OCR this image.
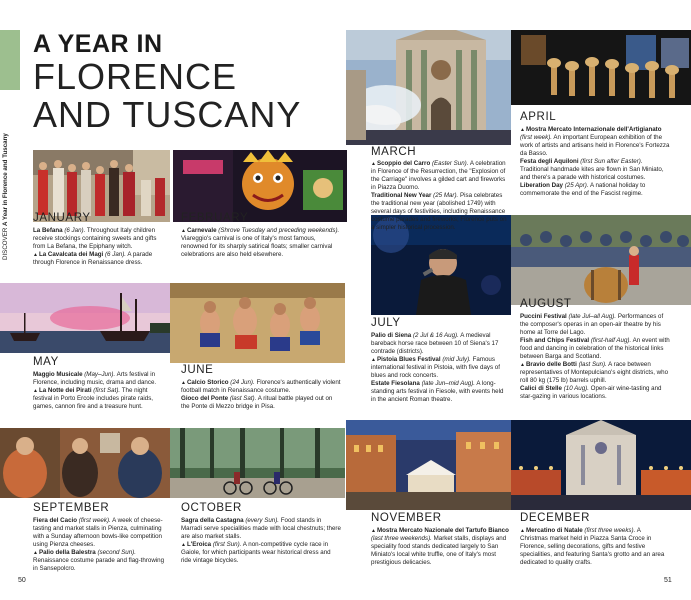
DISCOVER A Year in Florence and Tuscany
A YEAR IN
FLORENCE
AND TUSCANY
JANUARY

La Befana (6 Jan). Throughout Italy children receive stockings containing sweets and gifts from La Befana, the Epiphany witch.

▲La Cavalcata dei Magi (6 Jan). A parade through Florence in Renaissance dress.

FEBRUARY

▲Carnevale (Shrove Tuesday and preceding weekends). Viareggio's carnival is one of Italy's most famous, renowned for its sharply satirical floats; smaller carnival celebrations are also held elsewhere.

MARCH

▲Scoppio del Carro (Easter Sun). A celebration in Florence of the Resurrection, the "Explosion of the Carriage" involves a gilded cart and fireworks in Piazza Duomo.

Traditional New Year (25 Mar). Pisa celebrates the traditional new year (abolished 1749) with several days of festivities, including Renaissance costume parades and fireworks; Florence puts on a simpler historical procession.

APRIL

▲Mostra Mercato Internazionale dell'Artigianato (first week). An important European exhibition of the work of artists and artisans held in Florence's Fortezza da Basso.

Festa degli Aquiloni (first Sun after Easter). Traditional handmade kites are flown in San Miniato, and there's a parade with historical costumes.

Liberation Day (25 Apr). A national holiday to commemorate the end of the Fascist regime.

MAY

Maggio Musicale (May–Jun). Arts festival in Florence, including music, drama and dance.

▲La Notte dei Pirati (first Sat). The night festival in Porto Ercole includes pirate raids, games, cannon fire and a treasure hunt.

JUNE

▲Calcio Storico (24 Jun). Florence's authentically violent football match in Renaissance costume.

Gioco del Ponte (last Sat). A ritual battle played out on the Ponte di Mezzo bridge in Pisa.

JULY

Palio di Siena (2 Jul & 16 Aug). A medieval bareback horse race between 10 of Siena's 17 contrade (districts).

▲Pistoia Blues Festival (mid July). Famous international festival in Pistoia, with five days of blues and rock concerts.

Estate Fiesolana (late Jun–mid Aug). A long-standing arts festival in Fiesole, with events held in the ancient Roman theatre.

AUGUST

Puccini Festival (late Jul–all Aug). Performances of the composer's operas in an open-air theatre by his home at Torre del Lago.

Fish and Chips Festival (first-half Aug). An event with food and dancing in celebration of the historical links between Barga and Scotland.

▲Bravio delle Botti (last Sun). A race between representatives of Montepulciano's eight districts, who roll 80 kg (175 lb) barrels uphill.

Calici di Stelle (10 Aug). Open-air wine-tasting and star-gazing in various locations.

SEPTEMBER

Fiera del Cacio (first week). A week of cheese-tasting and market stalls in Pienza, culminating with a Sunday afternoon bowls-like competition using Pienza cheeses.

▲Palio della Balestra (second Sun). Renaissance costume parade and flag-throwing in Sansepolcro.

OCTOBER

Sagra della Castagna (every Sun). Food stands in Marradi serve specialities made with local chestnuts; there are also market stalls.

▲L'Eroica (first Sun). A non-competitive cycle race in Gaiole, for which participants wear historical dress and ride vintage bicycles.

NOVEMBER

▲Mostra Mercato Nazionale del Tartufo Bianco (last three weekends). Market stalls, displays and speciality food stands dedicated largely to San Miniato's local white truffle, one of Italy's most prestigious delicacies.

DECEMBER

▲Mercatino di Natale (first three weeks). A Christmas market held in Piazza Santa Croce in Florence, selling decorations, gifts and festive specialities, and featuring Santa's grotto and an area dedicated to quality crafts.

50	51
